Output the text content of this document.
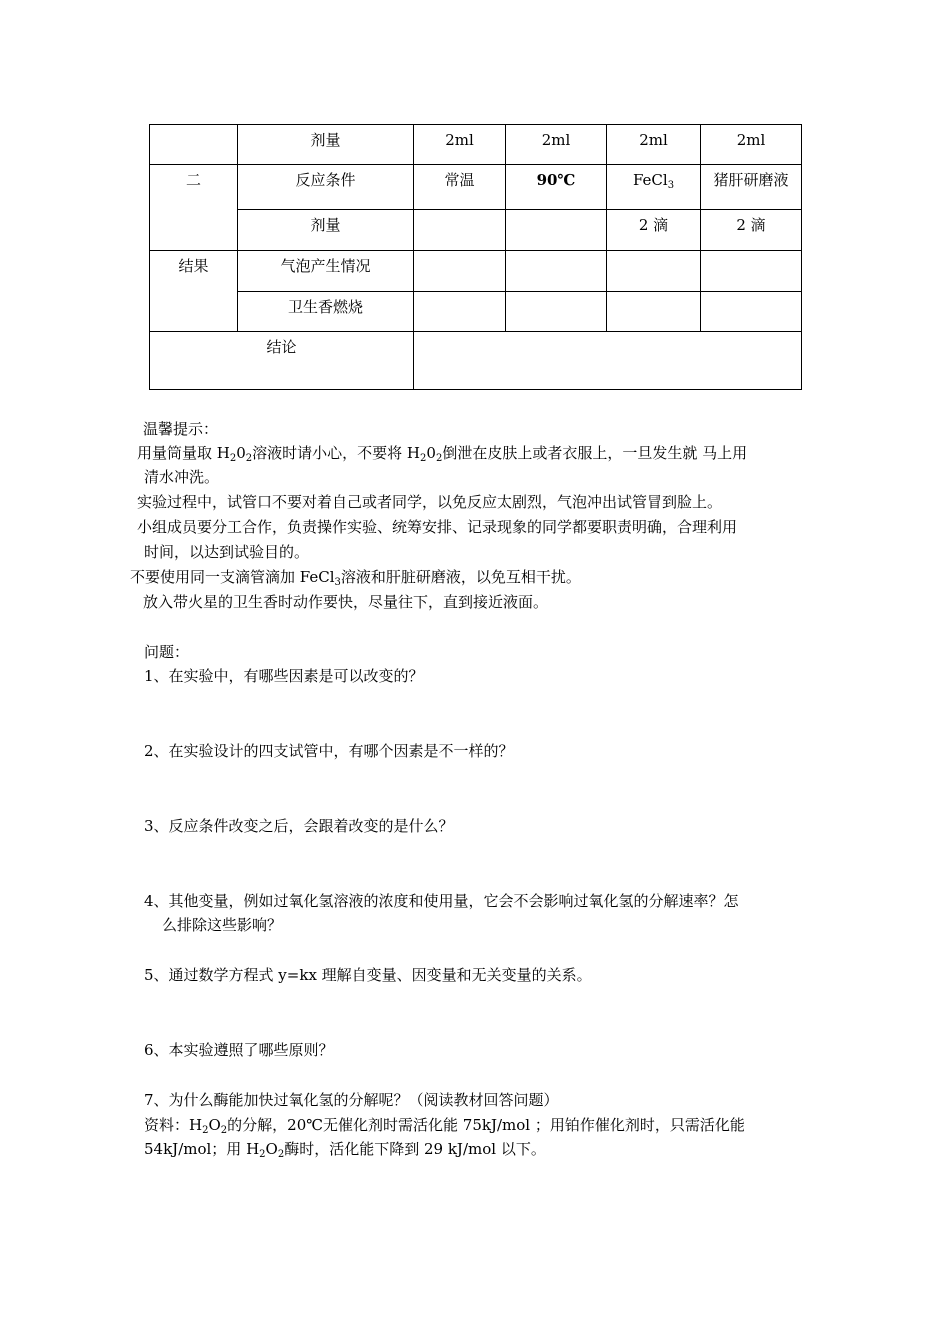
	剂量	2ml	2ml	2ml	2ml
二	反应条件	常温	90℃	FeCl$_3$	猪肝研磨液
	剂量			2 滴	2 滴
结果	气泡产生情况				
	卫生香燃烧				
结论					
温馨提示：
用量筒量取 $H_20_2$溶液时请小心，不要将 $H_20_2$倒泄在皮肤上或者衣服上，一旦发生就 马上用
清水冲洗。
实验过程中，试管口不要对着自己或者同学，以免反应太剧烈，气泡冲出试管冒到脸上。
小组成员要分工合作，负责操作实验、统筹安排、记录现象的同学都要职责明确，合理利用
时间，以达到试验目的。
不要使用同一支滴管滴加 FeCl$_3$溶液和肝脏研磨液，以免互相干扰。
放入带火星的卫生香时动作要快，尽量往下，直到接近液面。
问题：
1、在实验中，有哪些因素是可以改变的？
2、在实验设计的四支试管中，有哪个因素是不一样的？
3、反应条件改变之后，会跟着改变的是什么？
4、其他变量，例如过氧化氢溶液的浓度和使用量，它会不会影响过氧化氢的分解速率？怎
么排除这些影响？
5、通过数学方程式 y=kx 理解自变量、因变量和无关变量的关系。
6、本实验遵照了哪些原则？
7、为什么酶能加快过氧化氢的分解呢？（阅读教材回答问题）
资料：$H_2O_2$的分解，20℃无催化剂时需活化能 75kJ/mol ；用铂作催化剂时，只需活化能
54kJ/mol；用 $H_2O_2$酶时，活化能下降到 29 kJ/mol 以下。
